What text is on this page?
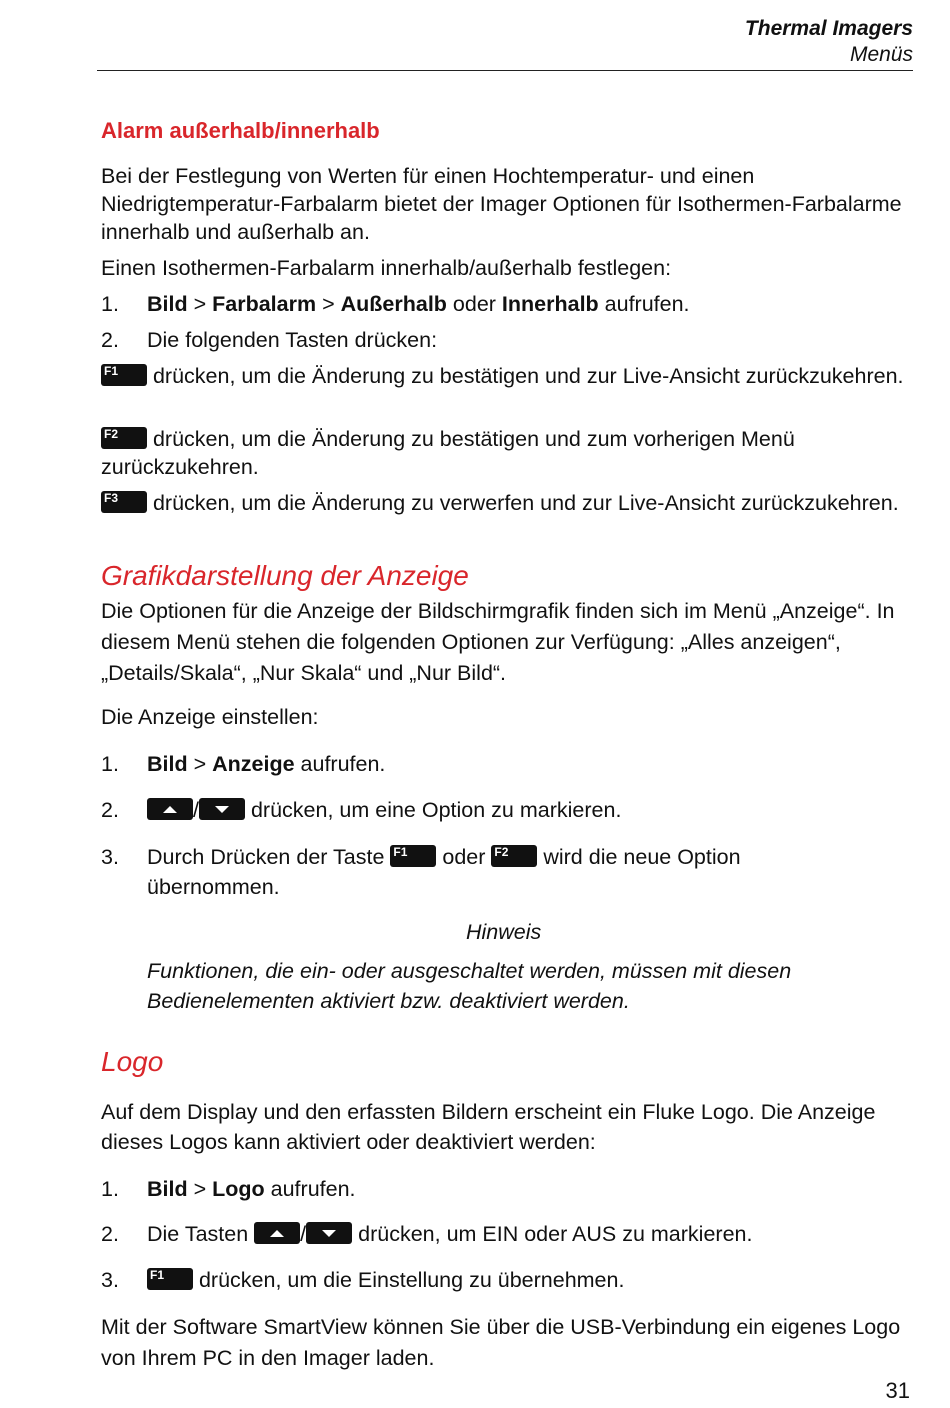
Thermal Imagers
Menüs
Alarm außerhalb/innerhalb

Bei der Festlegung von Werten für einen Hochtemperatur- und einen Niedrigtemperatur-Farbalarm bietet der Imager Optionen für Isothermen-Farbalarme innerhalb und außerhalb an.

Einen Isothermen-Farbalarm innerhalb/außerhalb festlegen:

1. Bild > Farbalarm > Außerhalb oder Innerhalb aufrufen.
2. Die folgenden Tasten drücken:

F1 drücken, um die Änderung zu bestätigen und zur Live-Ansicht zurückzukehren.

F2 drücken, um die Änderung zu bestätigen und zum vorherigen Menü zurückzukehren.

F3 drücken, um die Änderung zu verwerfen und zur Live-Ansicht zurückzukehren.

Grafikdarstellung der Anzeige

Die Optionen für die Anzeige der Bildschirmgrafik finden sich im Menü „Anzeige“. In diesem Menü stehen die folgenden Optionen zur Verfügung: „Alles anzeigen“, „Details/Skala“, „Nur Skala“ und „Nur Bild“.

Die Anzeige einstellen:

1. Bild > Anzeige aufrufen.
2.	/
drücken, um eine Option zu markieren.
3. Durch Drücken der Taste F1 oder F2 wird die neue Option übernommen.
Hinweis

Funktionen, die ein- oder ausgeschaltet werden, müssen mit diesen Bedienelementen aktiviert bzw. deaktiviert werden.

Logo

Auf dem Display und den erfassten Bildern erscheint ein Fluke Logo. Die Anzeige dieses Logos kann aktiviert oder deaktiviert werden:

1. Bild > Logo aufrufen.
2. Die Tasten
/
drücken, um EIN oder AUS zu markieren.
3.	F1 drücken, um die Einstellung zu übernehmen.

Mit der Software SmartView können Sie über die USB-Verbindung ein eigenes Logo von Ihrem PC in den Imager laden.

31
